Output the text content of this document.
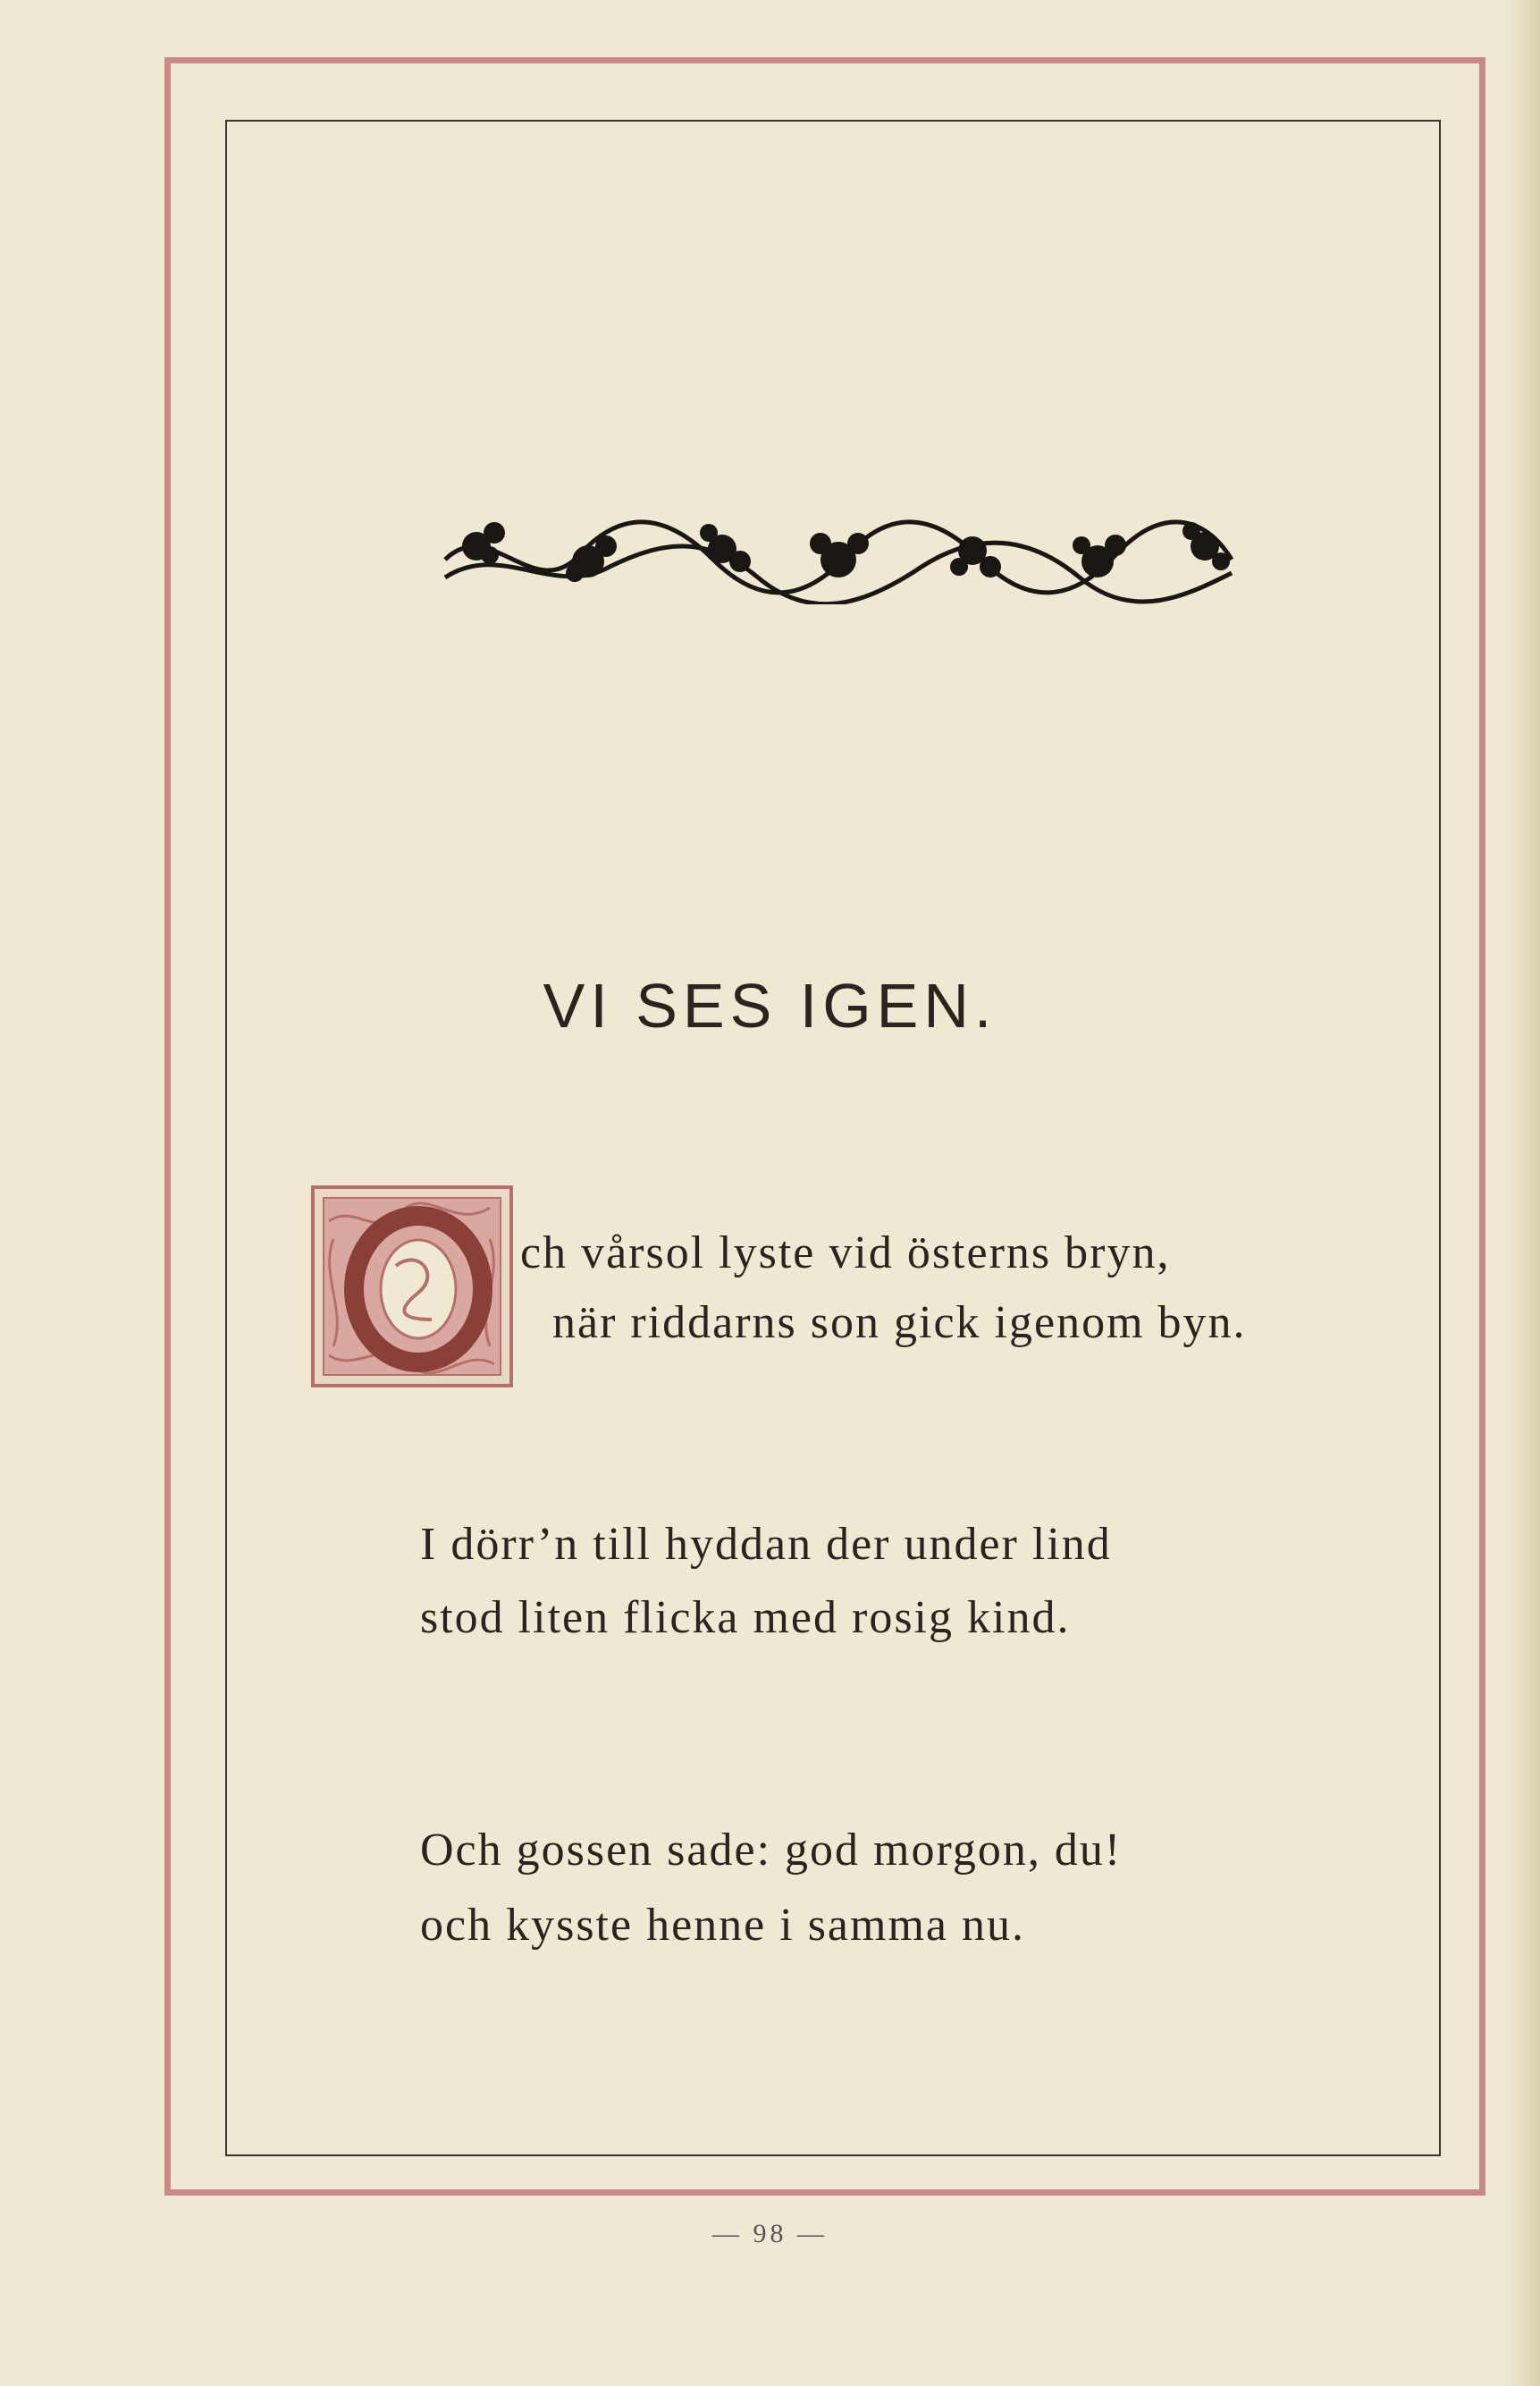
VI SES IGEN.
ch vårsol lyste vid österns bryn,
när riddarns son gick igenom byn.
I dörr’n till hyddan der under lind
stod liten flicka med rosig kind.
Och gossen sade: god morgon, du!
och kysste henne i samma nu.
— 98 —
